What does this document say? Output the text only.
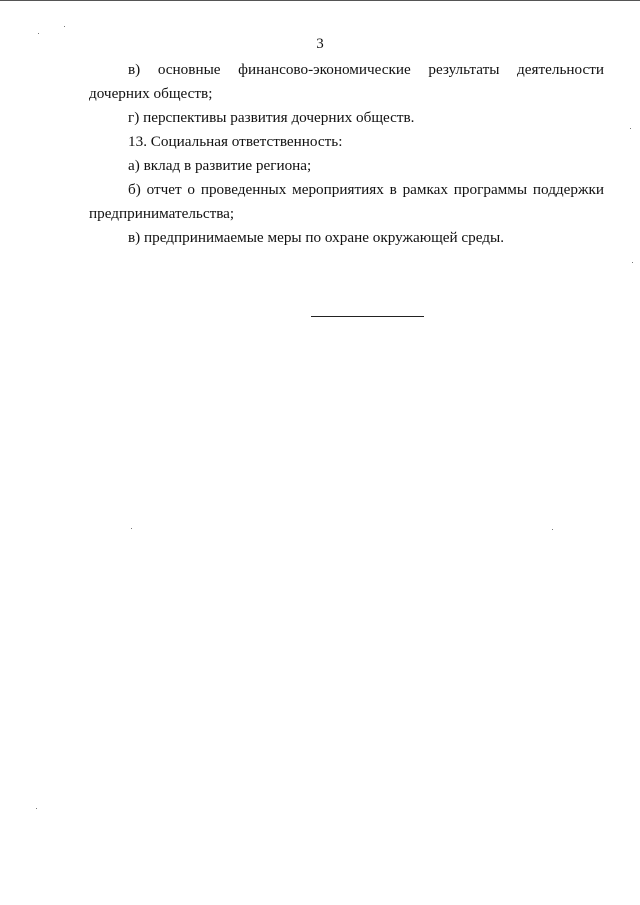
3

в) основные финансово-экономические результаты деятельности

дочерних обществ;

г) перспективы развития дочерних обществ.

13. Социальная ответственность:

а) вклад в развитие региона;

б) отчет о проведенных мероприятиях в рамках программы поддержки

предпринимательства;

в) предпринимаемые меры по охране окружающей среды.
